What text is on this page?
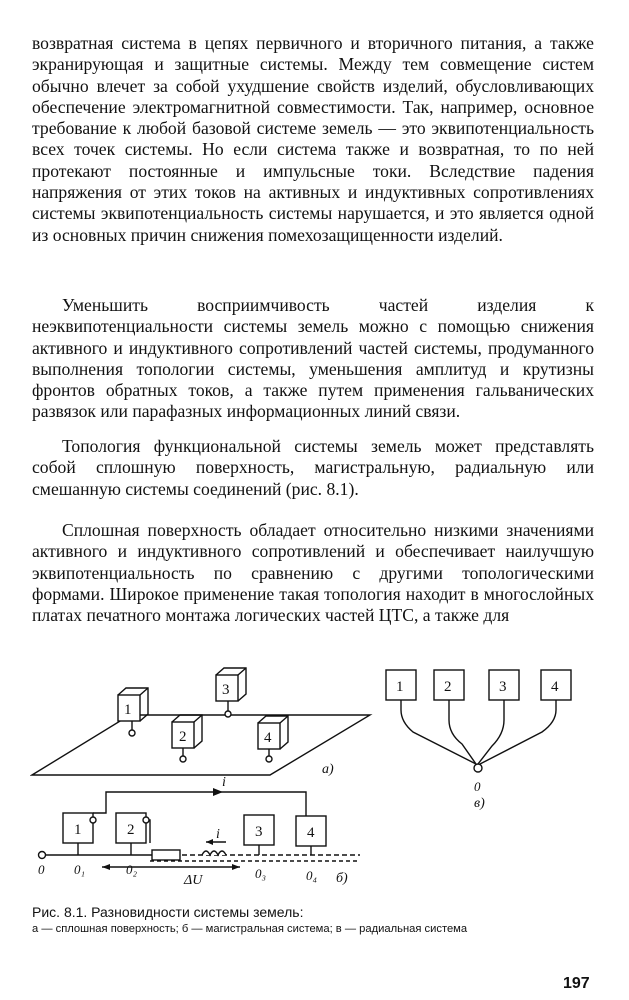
возвратная система в цепях первичного и вторичного питания, а также экранирующая и защитные системы. Между тем совмещение систем обычно влечет за собой ухудшение свойств изделий, обусловливающих обеспечение электромагнитной совместимости. Так, например, основное требование к любой базовой системе земель — это эквипотенциальность всех точек системы. Но если система также и возвратная, то по ней протекают постоянные и импульсные токи. Вследствие падения напряжения от этих токов на активных и индуктивных сопротивлениях системы эквипотенциальность системы нарушается, и это является одной из основных причин снижения помехозащищенности изделий.

Уменьшить восприимчивость частей изделия к неэквипотенциальности системы земель можно с помощью снижения активного и индуктивного сопротивлений частей системы, продуманного выполнения топологии системы, уменьшения амплитуд и крутизны фронтов обратных токов, а также путем применения гальванических развязок или парафазных информационных линий связи.

Топология функциональной системы земель может представлять собой сплошную поверхность, магистральную, радиальную или смешанную системы соединений (рис. 8.1).

Сплошная поверхность обладает относительно низкими значениями активного и индуктивного сопротивлений и обеспечивает наилучшую эквипотенциальность по сравнению с другими топологическими формами. Широкое применение такая топология находит в многослойных платах печатного монтажа логических частей ЦТС, а также для

1
2
3
4
а)
1	2	3	4
0
в)
1	2	3	4
i
i
ΔU
0 0₁	0₂	0₃	0₄ б)
Рис. 8.1. Разновидности системы земель:
а — сплошная поверхность; б — магистральная система; в — радиальная система
197
